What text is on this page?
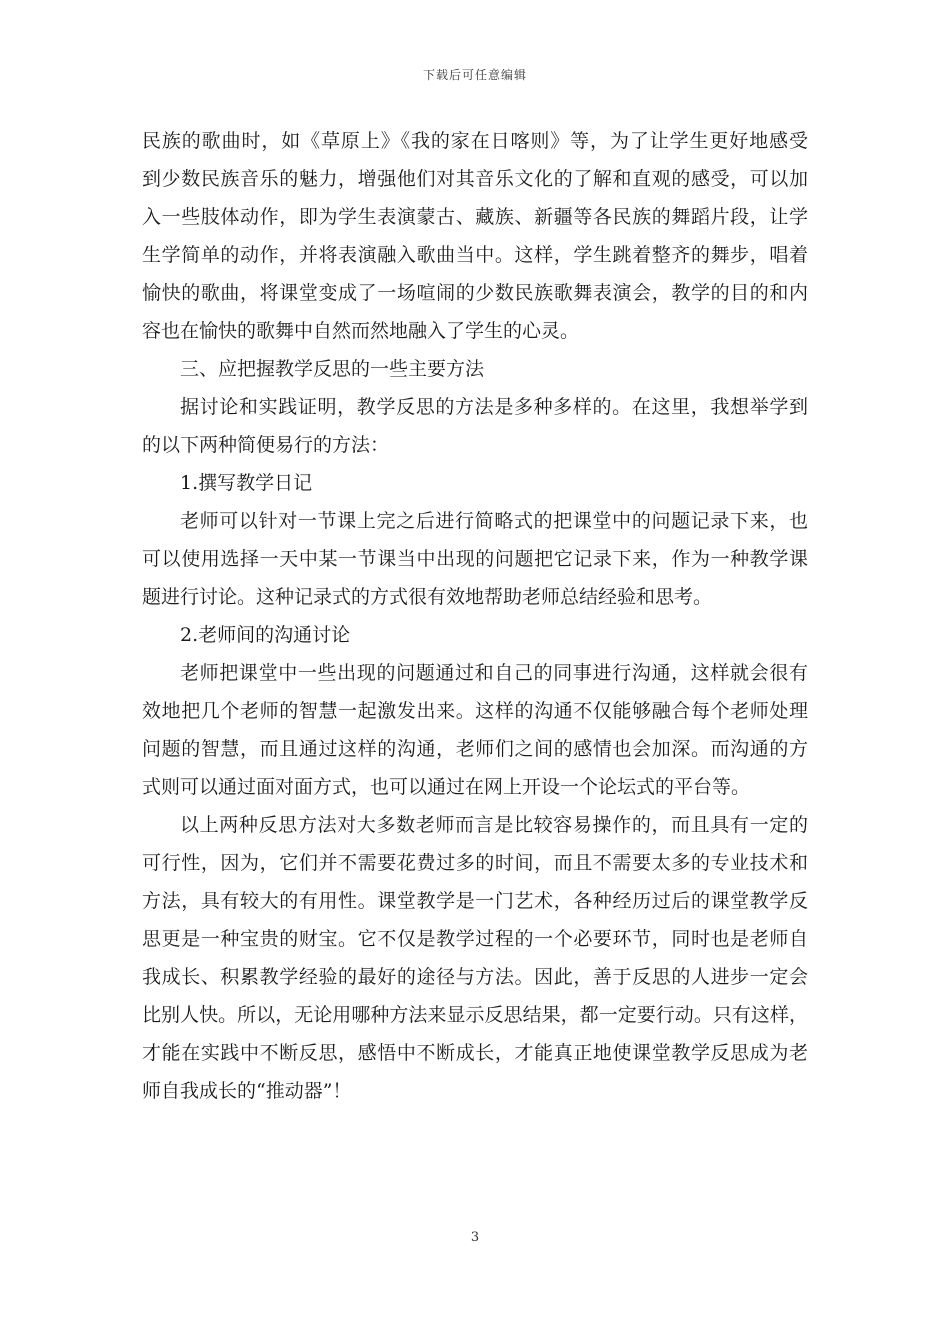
下载后可任意编辑
民族的歌曲时，如《草原上》《我的家在日喀则》等，为了让学生更好地感受
到少数民族音乐的魅力，增强他们对其音乐文化的了解和直观的感受，可以加
入一些肢体动作，即为学生表演蒙古、藏族、新疆等各民族的舞蹈片段，让学
生学简单的动作，并将表演融入歌曲当中。这样，学生跳着整齐的舞步，唱着
愉快的歌曲，将课堂变成了一场喧闹的少数民族歌舞表演会，教学的目的和内
容也在愉快的歌舞中自然而然地融入了学生的心灵。
三、应把握教学反思的一些主要方法
据讨论和实践证明，教学反思的方法是多种多样的。在这里，我想举学到
的以下两种简便易行的方法：
1.撰写教学日记
老师可以针对一节课上完之后进行简略式的把课堂中的问题记录下来，也
可以使用选择一天中某一节课当中出现的问题把它记录下来，作为一种教学课
题进行讨论。这种记录式的方式很有效地帮助老师总结经验和思考。
2.老师间的沟通讨论
老师把课堂中一些出现的问题通过和自己的同事进行沟通，这样就会很有
效地把几个老师的智慧一起激发出来。这样的沟通不仅能够融合每个老师处理
问题的智慧，而且通过这样的沟通，老师们之间的感情也会加深。而沟通的方
式则可以通过面对面方式，也可以通过在网上开设一个论坛式的平台等。
以上两种反思方法对大多数老师而言是比较容易操作的，而且具有一定的
可行性，因为，它们并不需要花费过多的时间，而且不需要太多的专业技术和
方法，具有较大的有用性。课堂教学是一门艺术，各种经历过后的课堂教学反
思更是一种宝贵的财宝。它不仅是教学过程的一个必要环节，同时也是老师自
我成长、积累教学经验的最好的途径与方法。因此，善于反思的人进步一定会
比别人快。所以，无论用哪种方法来显示反思结果，都一定要行动。只有这样，
才能在实践中不断反思，感悟中不断成长，才能真正地使课堂教学反思成为老
师自我成长的“推动器”！
3
